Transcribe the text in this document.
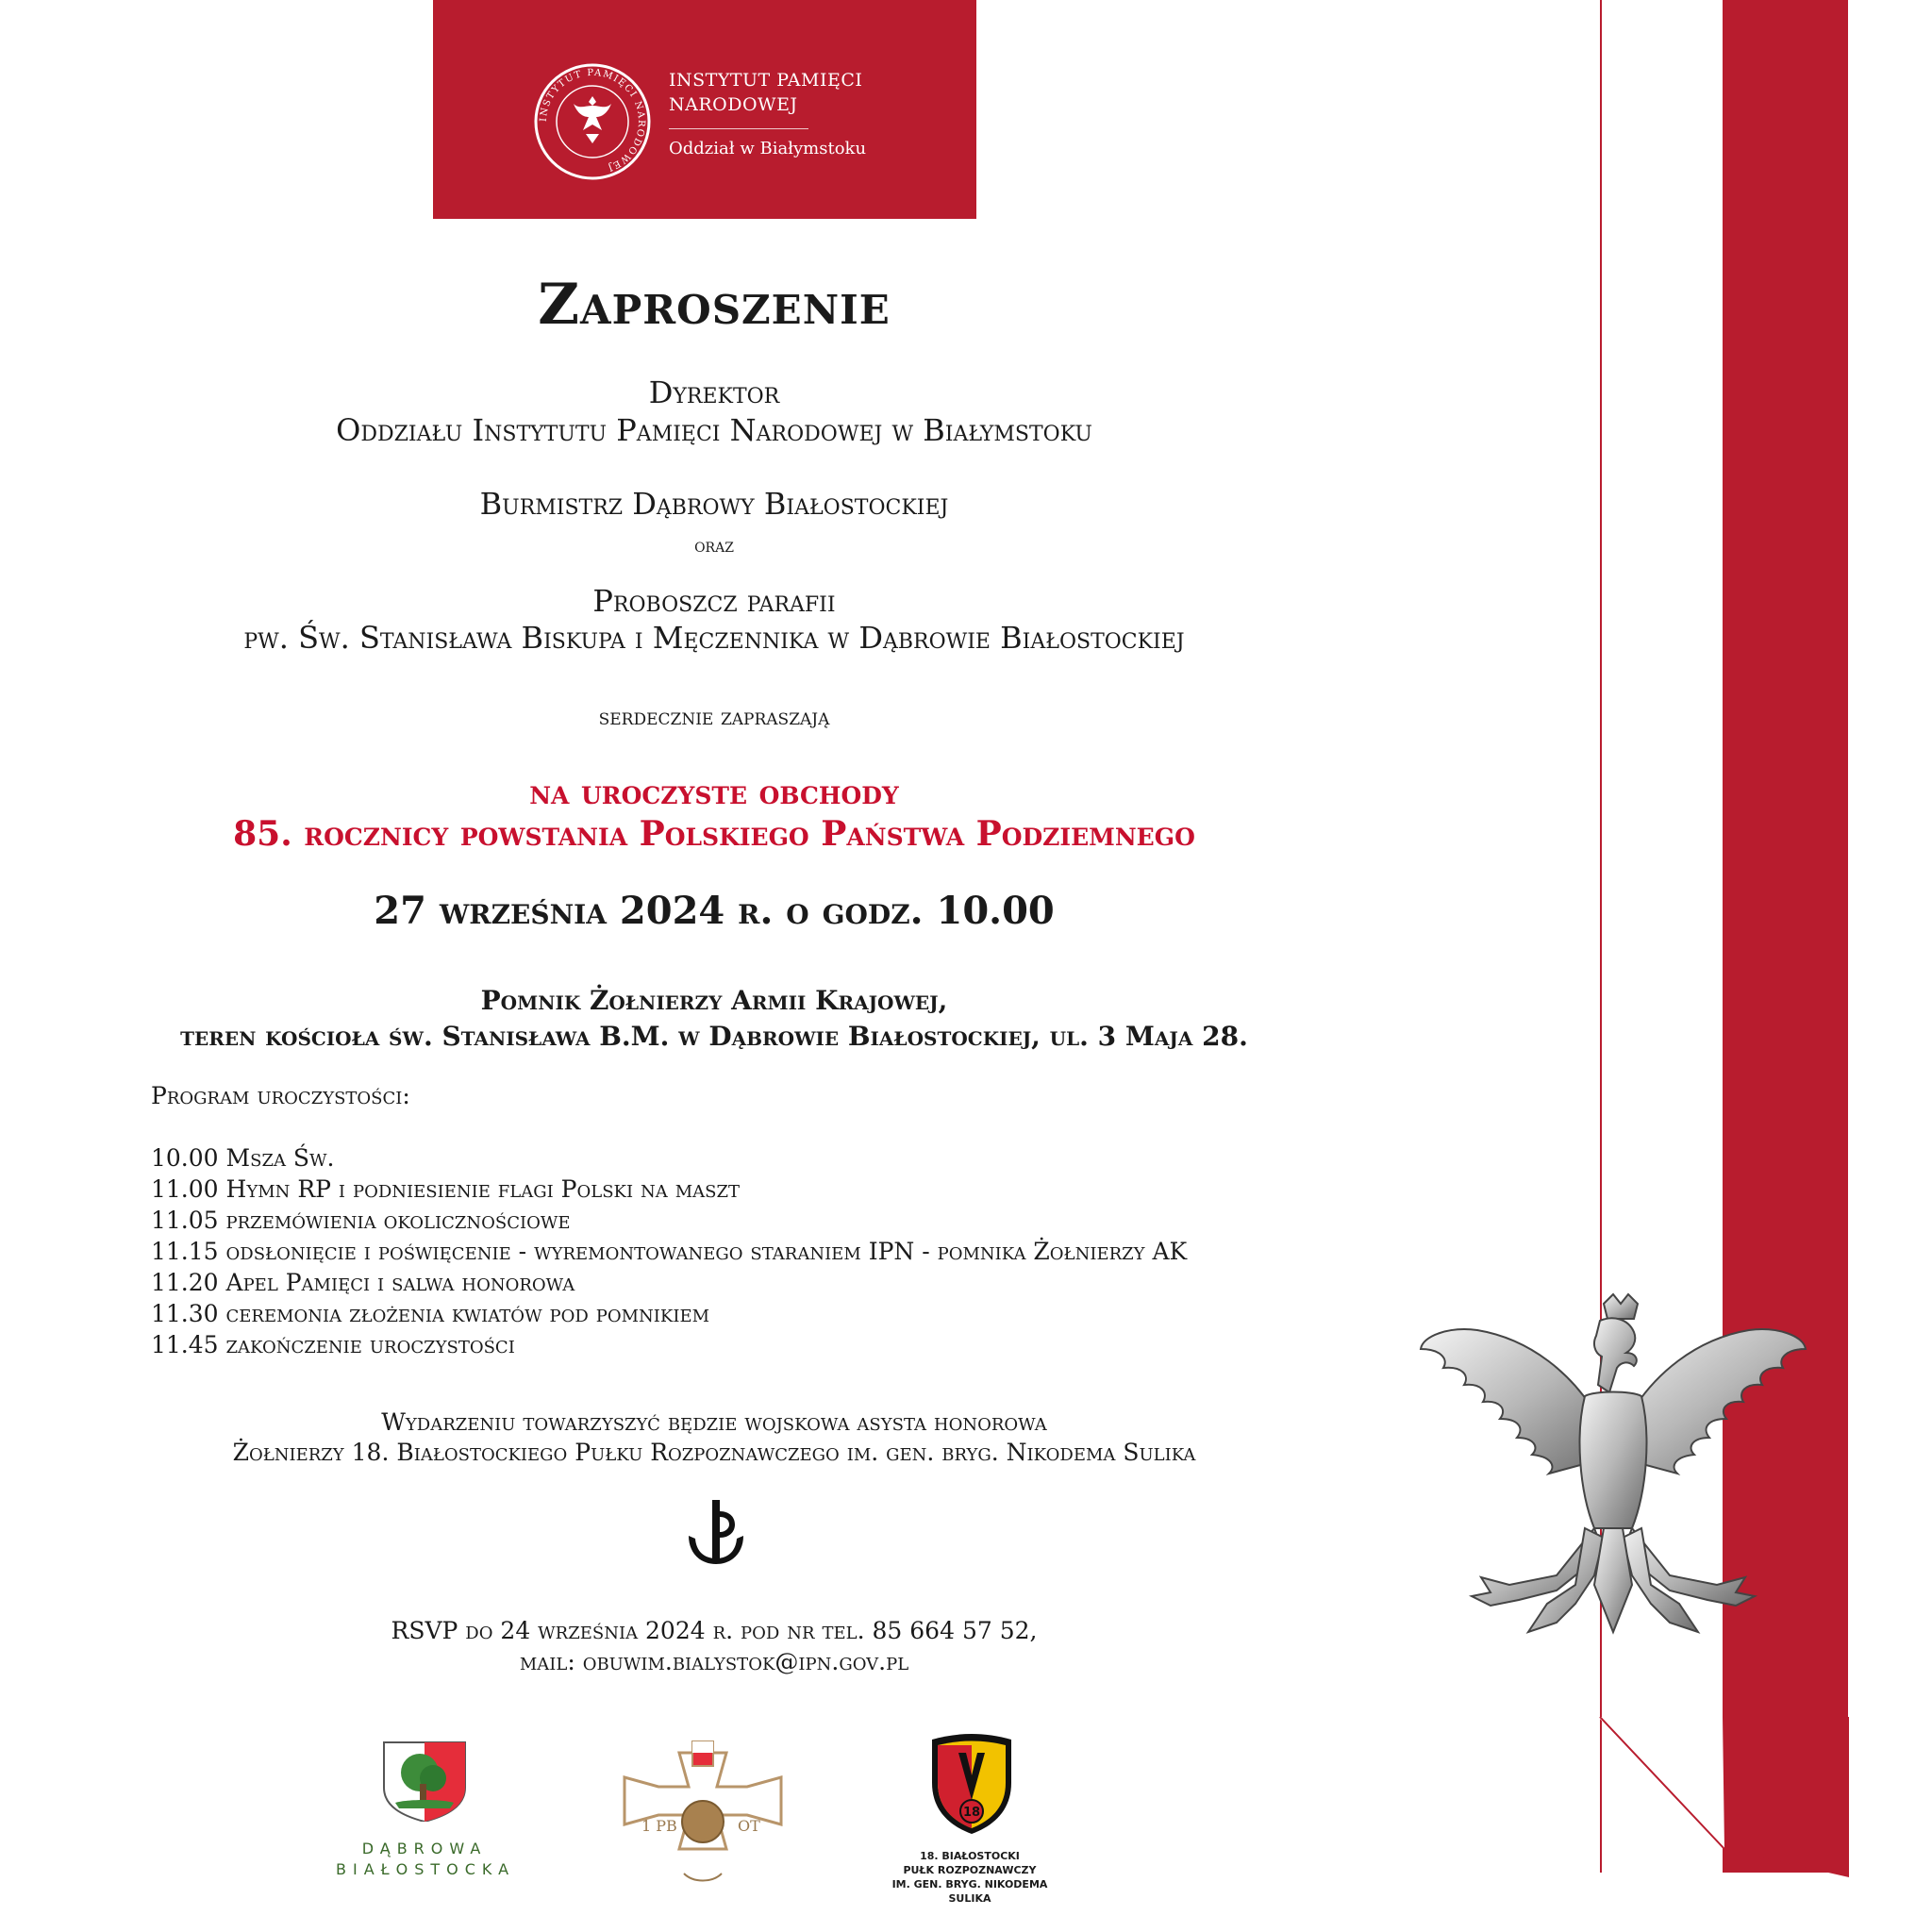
INSTYTUT PAMIĘCI NARODOWEJ
INSTYTUT PAMIĘCI
NARODOWEJ
Oddział w Białymstoku
Zaproszenie
Dyrektor
Oddziału Instytutu Pamięci Narodowej w Białymstoku
Burmistrz Dąbrowy Białostockiej
oraz
Proboszcz parafii
pw. Św. Stanisława Biskupa i Męczennika w Dąbrowie Białostockiej
serdecznie zapraszają
na uroczyste obchody
85. rocznicy powstania Polskiego Państwa Podziemnego
27 września 2024 r. o godz. 10.00
Pomnik Żołnierzy Armii Krajowej,
teren kościoła św. Stanisława B.M. w Dąbrowie Białostockiej, ul. 3 Maja 28.
Program uroczystości:
10.00 Msza Św.
11.00 Hymn RP i podniesienie flagi Polski na maszt
11.05 przemówienia okolicznościowe
11.15 odsłonięcie i poświęcenie - wyremontowanego staraniem IPN - pomnika Żołnierzy AK
11.20 Apel Pamięci i salwa honorowa
11.30 ceremonia złożenia kwiatów pod pomnikiem
11.45 zakończenie uroczystości
Wydarzeniu towarzyszyć będzie wojskowa asysta honorowa
Żołnierzy 18. Białostockiego Pułku Rozpoznawczego im. gen. bryg. Nikodema Sulika
RSVP do 24 września 2024 r. pod nr tel. 85 664 57 52,
mail: obuwim.bialystok@ipn.gov.pl
DĄBROWA
BIAŁOSTOCKA
1 PB	OT
18
18. BIAŁOSTOCKI
PUŁK ROZPOZNAWCZY
IM. GEN. BRYG. NIKODEMA SULIKA
